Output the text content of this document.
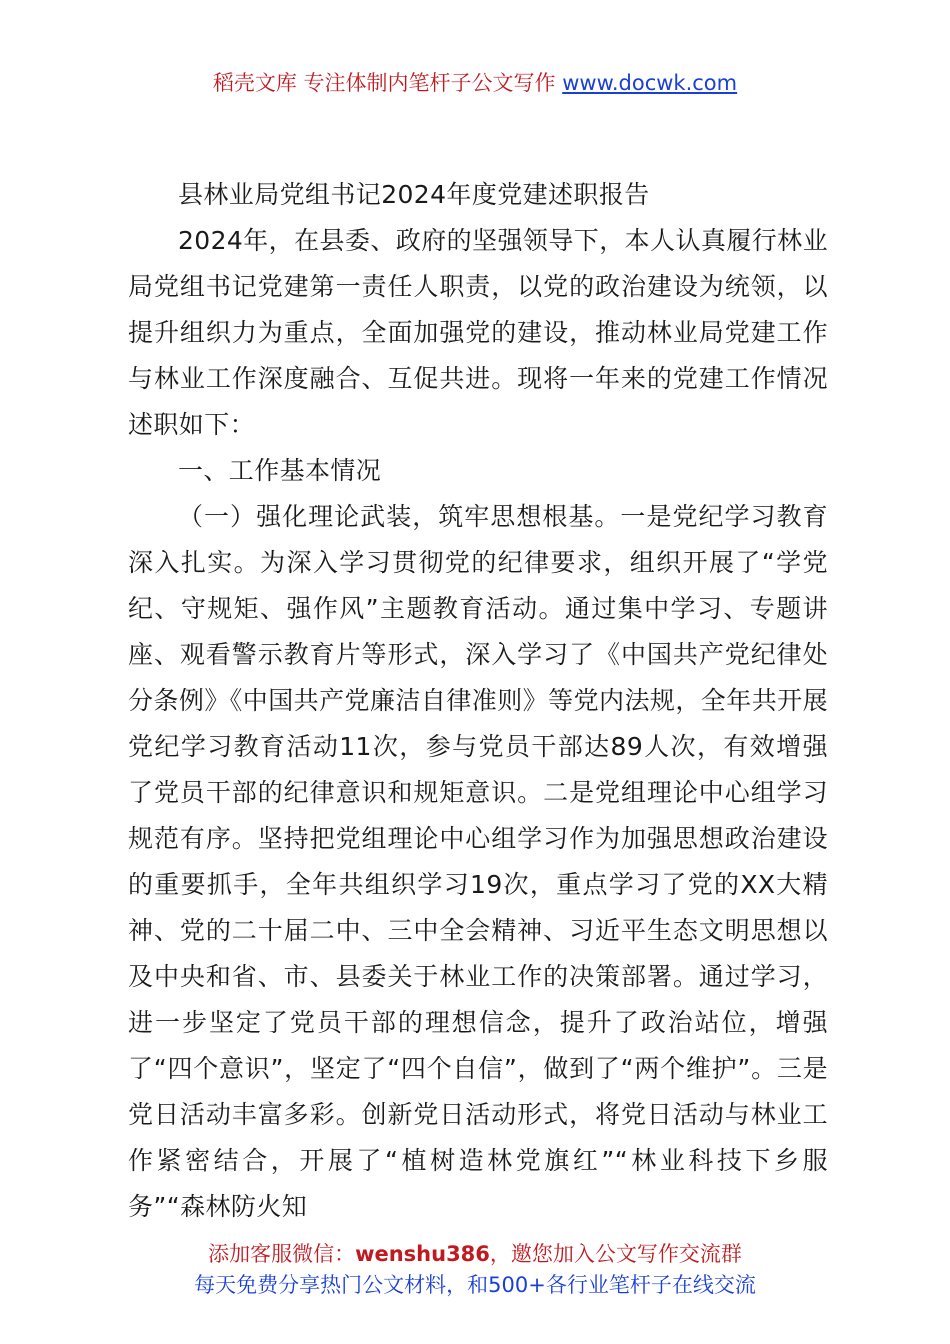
稻壳文库 专注体制内笔杆子公文写作 www.docwk.com

县林业局党组书记2024年度党建述职报告

2024年，在县委、政府的坚强领导下，本人认真履行林业局党组书记党建第一责任人职责，以党的政治建设为统领，以提升组织力为重点，全面加强党的建设，推动林业局党建工作与林业工作深度融合、互促共进。现将一年来的党建工作情况述职如下：

一、工作基本情况

（一）强化理论武装，筑牢思想根基。一是党纪学习教育深入扎实。为深入学习贯彻党的纪律要求，组织开展了“学党纪、守规矩、强作风”主题教育活动。通过集中学习、专题讲座、观看警示教育片等形式，深入学习了《中国共产党纪律处分条例》《中国共产党廉洁自律准则》等党内法规，全年共开展党纪学习教育活动11次，参与党员干部达89人次，有效增强了党员干部的纪律意识和规矩意识。二是党组理论中心组学习规范有序。坚持把党组理论中心组学习作为加强思想政治建设的重要抓手，全年共组织学习19次，重点学习了党的XX大精神、党的二十届二中、三中全会精神、习近平生态文明思想以及中央和省、市、县委关于林业工作的决策部署。通过学习，进一步坚定了党员干部的理想信念，提升了政治站位，增强了“四个意识”，坚定了“四个自信”，做到了“两个维护”。三是党日活动丰富多彩。创新党日活动形式，将党日活动与林业工作紧密结合，开展了“植树造林党旗红”“林业科技下乡服务”“森林防火知

添加客服微信：wenshu386，邀您加入公文写作交流群
每天免费分享热门公文材料，和500+各行业笔杆子在线交流
